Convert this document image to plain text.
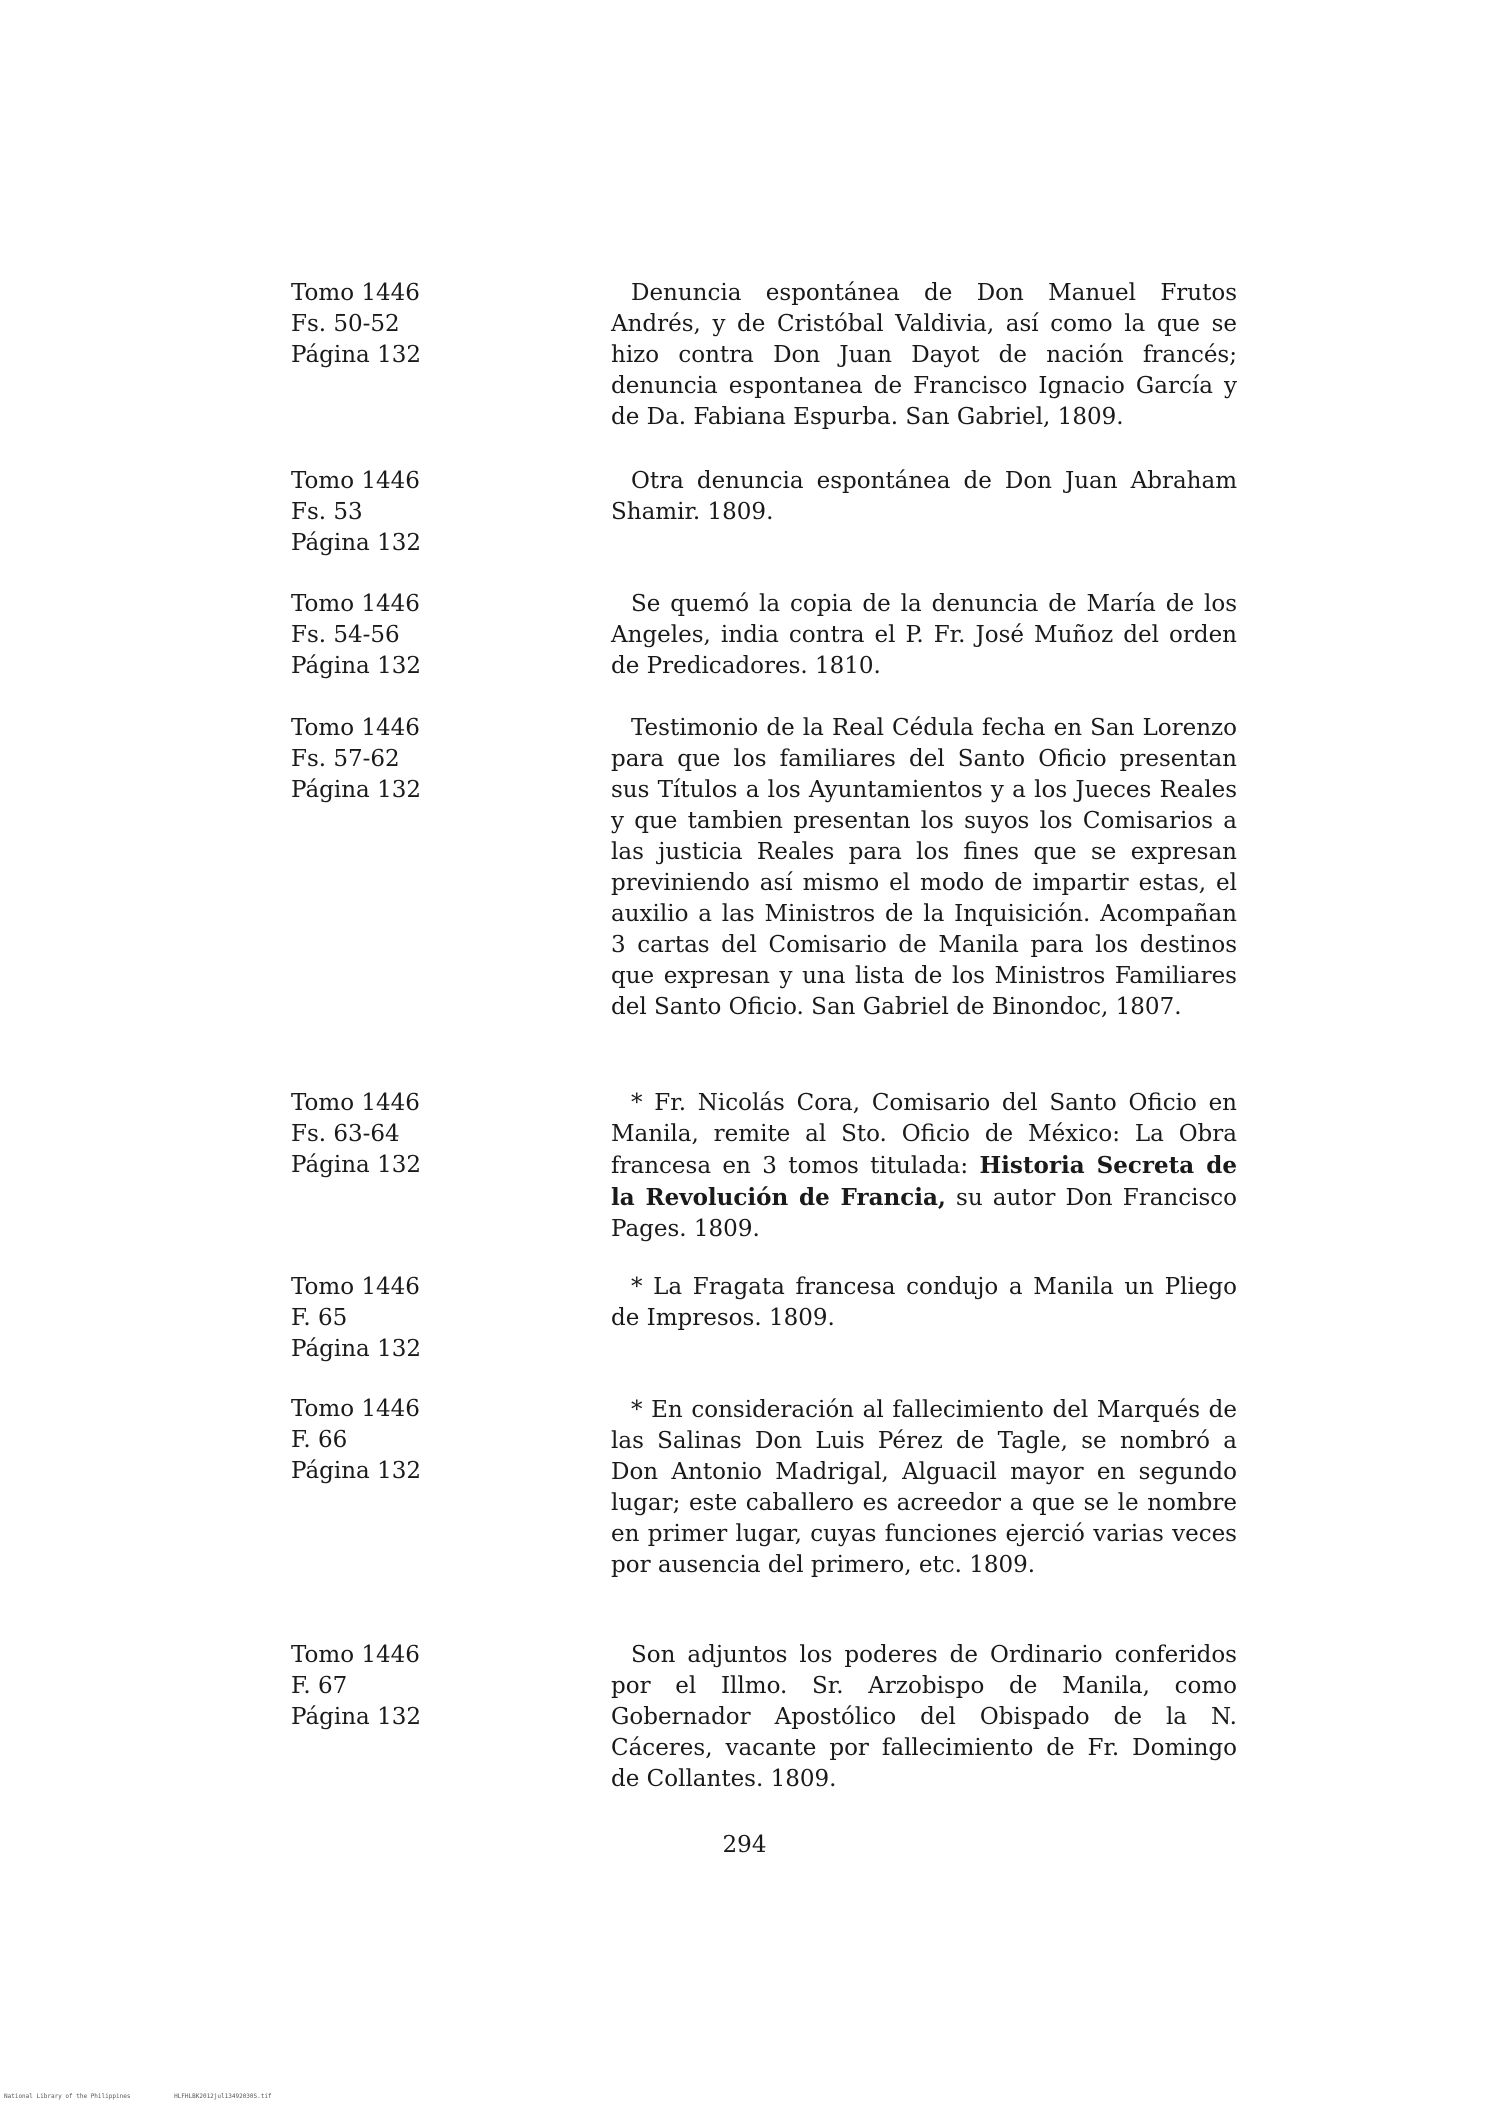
Tomo 1446
Fs. 50-52
Página 132
Denuncia espontánea de Don Manuel Frutos Andrés, y de Cristóbal Valdivia, así como la que se hizo contra Don Juan Dayot de nación francés; denuncia espontanea de Francisco Ignacio García y de Da. Fabiana Espurba. San Gabriel, 1809.
Tomo 1446
Fs. 53
Página 132
Otra denuncia espontánea de Don Juan Abraham Shamir. 1809.
Tomo 1446
Fs. 54-56
Página 132
Se quemó la copia de la denuncia de María de los Angeles, india contra el P. Fr. José Muñoz del orden de Predicadores. 1810.
Tomo 1446
Fs. 57-62
Página 132
Testimonio de la Real Cédula fecha en San Lorenzo para que los familiares del Santo Oficio presentan sus Títulos a los Ayuntamientos y a los Jueces Reales y que tambien presentan los suyos los Comisarios a las justicia Reales para los fines que se expresan previniendo así mismo el modo de impartir estas, el auxilio a las Ministros de la Inquisición. Acompañan 3 cartas del Comisario de Manila para los destinos que expresan y una lista de los Ministros Familiares del Santo Oficio. San Gabriel de Binondoc, 1807.
Tomo 1446
Fs. 63-64
Página 132
* Fr. Nicolás Cora, Comisario del Santo Oficio en Manila, remite al Sto. Oficio de México: La Obra francesa en 3 tomos titulada: Historia Secreta de la Revolución de Francia, su autor Don Francisco Pages. 1809.
Tomo 1446
F. 65
Página 132
* La Fragata francesa condujo a Manila un Pliego de Impresos. 1809.
Tomo 1446
F. 66
Página 132
* En consideración al fallecimiento del Marqués de las Salinas Don Luis Pérez de Tagle, se nombró a Don Antonio Madrigal, Alguacil mayor en segundo lugar; este caballero es acreedor a que se le nombre en primer lugar, cuyas funciones ejerció varias veces por ausencia del primero, etc. 1809.
Tomo 1446
F. 67
Página 132
Son adjuntos los poderes de Ordinario conferidos por el Illmo. Sr. Arzobispo de Manila, como Gobernador Apostólico del Obispado de la N. Cáceres, vacante por fallecimiento de Fr. Domingo de Collantes. 1809.
294
National Library of the Philippines	HLFHLBK2012jul13492030S.tif
